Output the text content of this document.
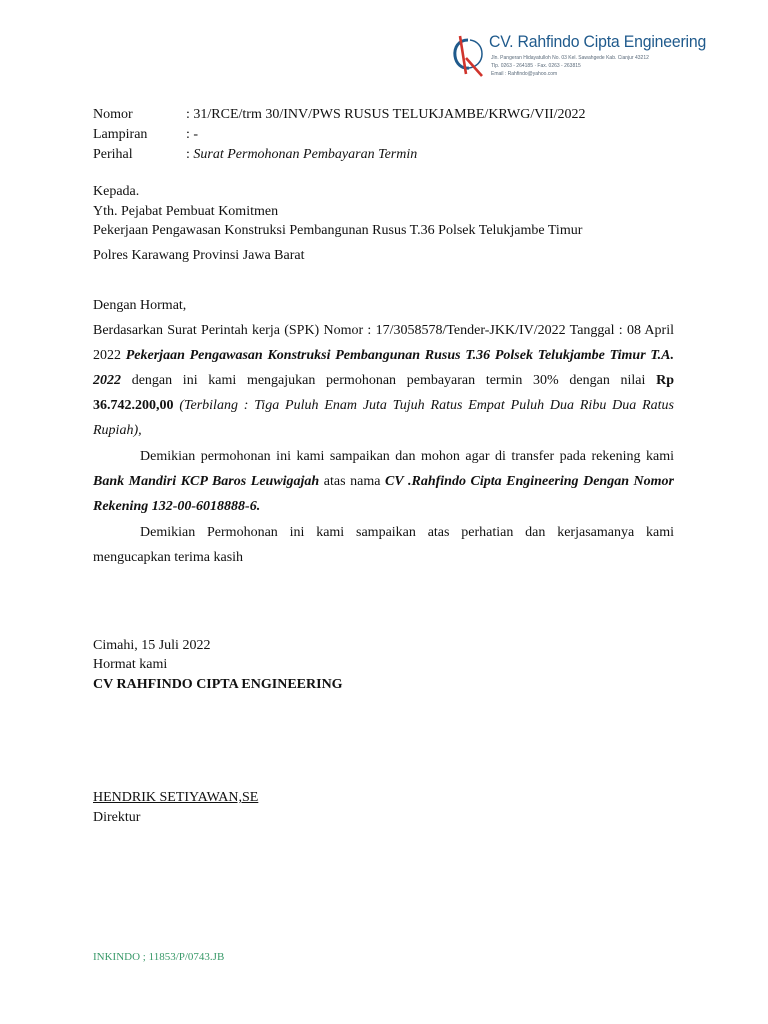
CV. Rahfindo Cipta Engineering
Jln. Pangeran Hidayatulloh No. 03 Kel. Sawahgede Kab. Cianjur 43212
Tlp. 0263 - 264185 · Fax. 0263 - 263815
Email : Rahfindo@yahoo.com
Nomor	: 31/RCE/trm 30/INV/PWS RUSUS TELUKJAMBE/KRWG/VII/2022
Lampiran	: -
Perihal	: Surat Permohonan Pembayaran Termin
Kepada.
Yth. Pejabat Pembuat Komitmen
Pekerjaan Pengawasan Konstruksi Pembangunan Rusus T.36 Polsek Telukjambe Timur
Polres Karawang Provinsi Jawa Barat
Dengan Hormat,
Berdasarkan Surat Perintah kerja (SPK) Nomor : 17/3058578/Tender-JKK/IV/2022 Tanggal : 08 April 2022 Pekerjaan Pengawasan Konstruksi Pembangunan Rusus T.36 Polsek Telukjambe Timur T.A. 2022 dengan ini kami mengajukan permohonan pembayaran termin 30% dengan nilai Rp 36.742.200,00 (Terbilang : Tiga Puluh Enam Juta Tujuh Ratus Empat Puluh Dua Ribu Dua Ratus Rupiah),
Demikian permohonan ini kami sampaikan dan mohon agar di transfer pada rekening kami Bank Mandiri KCP Baros Leuwigajah atas nama CV .Rahfindo Cipta Engineering Dengan Nomor Rekening 132-00-6018888-6.
Demikian Permohonan ini kami sampaikan atas perhatian dan kerjasamanya kami mengucapkan terima kasih
Cimahi, 15 Juli 2022
Hormat kami
CV RAHFINDO CIPTA ENGINEERING
HENDRIK SETIYAWAN,SE
Direktur
INKINDO ; 11853/P/0743.JB
